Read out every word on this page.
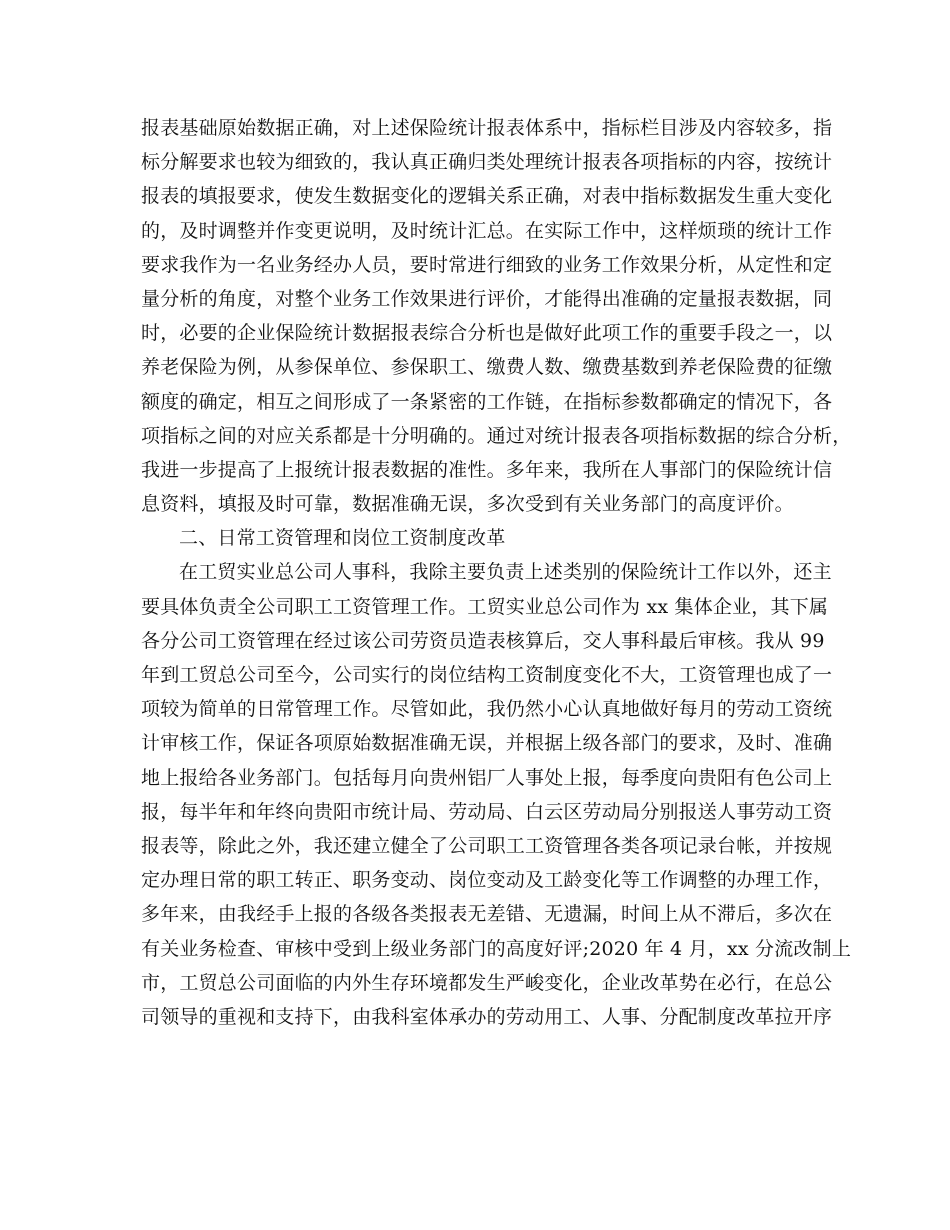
报表基础原始数据正确，对上述保险统计报表体系中，指标栏目涉及内容较多，指
标分解要求也较为细致的，我认真正确归类处理统计报表各项指标的内容，按统计
报表的填报要求，使发生数据变化的逻辑关系正确，对表中指标数据发生重大变化
的，及时调整并作变更说明，及时统计汇总。在实际工作中，这样烦琐的统计工作
要求我作为一名业务经办人员，要时常进行细致的业务工作效果分析，从定性和定
量分析的角度，对整个业务工作效果进行评价，才能得出准确的定量报表数据，同
时，必要的企业保险统计数据报表综合分析也是做好此项工作的重要手段之一，以
养老保险为例，从参保单位、参保职工、缴费人数、缴费基数到养老保险费的征缴
额度的确定，相互之间形成了一条紧密的工作链，在指标参数都确定的情况下，各
项指标之间的对应关系都是十分明确的。通过对统计报表各项指标数据的综合分析，
我进一步提高了上报统计报表数据的准性。多年来，我所在人事部门的保险统计信
息资料，填报及时可靠，数据准确无误，多次受到有关业务部门的高度评价。
二、日常工资管理和岗位工资制度改革
在工贸实业总公司人事科，我除主要负责上述类别的保险统计工作以外，还主
要具体负责全公司职工工资管理工作。工贸实业总公司作为 xx 集体企业，其下属
各分公司工资管理在经过该公司劳资员造表核算后，交人事科最后审核。我从 99
年到工贸总公司至今，公司实行的岗位结构工资制度变化不大，工资管理也成了一
项较为简单的日常管理工作。尽管如此，我仍然小心认真地做好每月的劳动工资统
计审核工作，保证各项原始数据准确无误，并根据上级各部门的要求，及时、准确
地上报给各业务部门。包括每月向贵州铝厂人事处上报，每季度向贵阳有色公司上
报，每半年和年终向贵阳市统计局、劳动局、白云区劳动局分别报送人事劳动工资
报表等，除此之外，我还建立健全了公司职工工资管理各类各项记录台帐，并按规
定办理日常的职工转正、职务变动、岗位变动及工龄变化等工作调整的办理工作，
多年来，由我经手上报的各级各类报表无差错、无遗漏，时间上从不滞后，多次在
有关业务检查、审核中受到上级业务部门的高度好评;2020 年 4 月，xx 分流改制上
市，工贸总公司面临的内外生存环境都发生严峻变化，企业改革势在必行，在总公
司领导的重视和支持下，由我科室体承办的劳动用工、人事、分配制度改革拉开序
